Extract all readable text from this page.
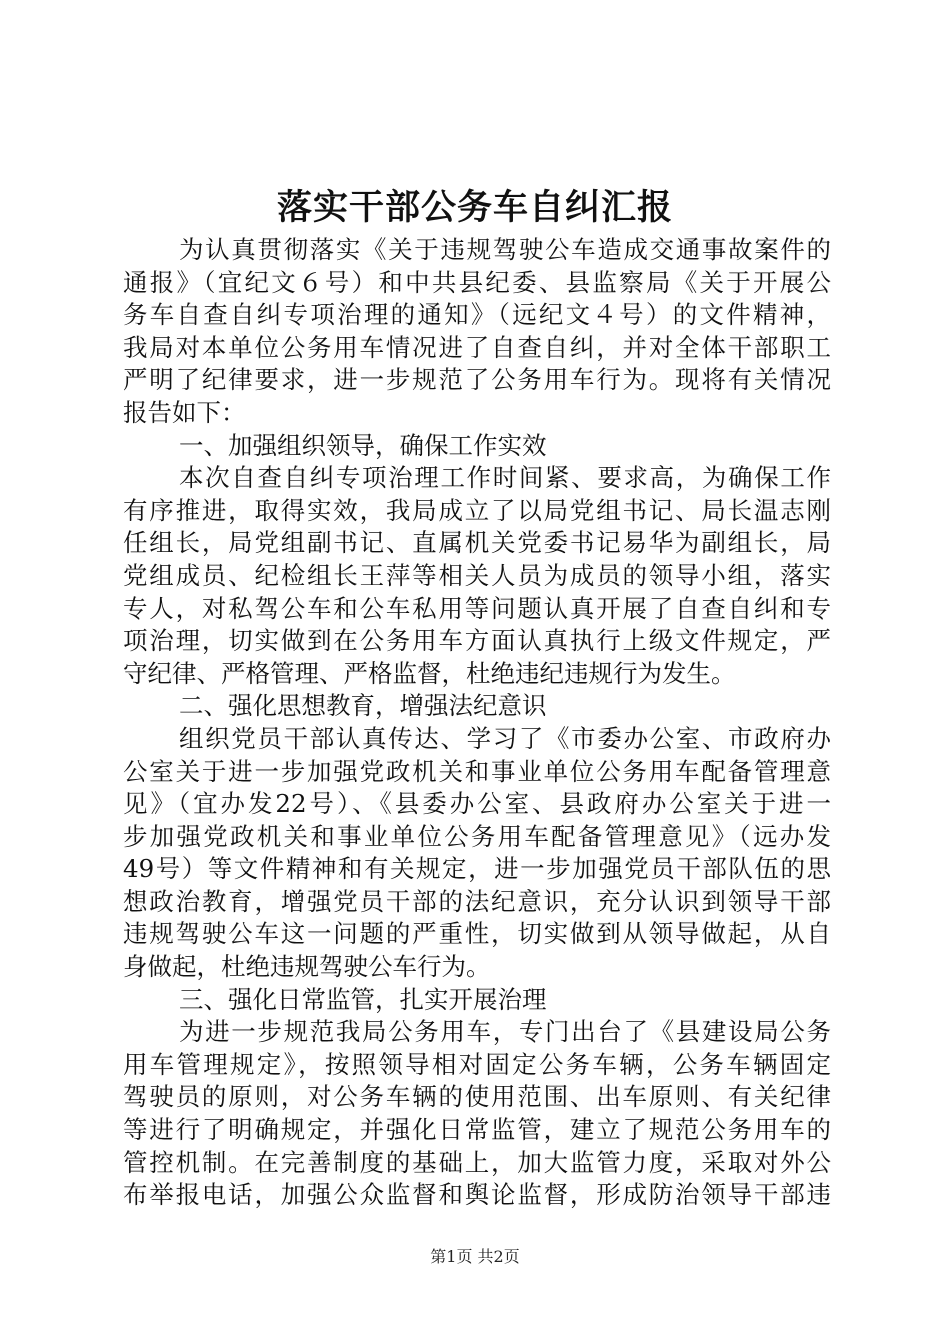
落实干部公务车自纠汇报
为认真贯彻落实《关于违规驾驶公车造成交通事故案件的
通报》（宜纪文６号）和中共县纪委、县监察局《关于开展公
务车自查自纠专项治理的通知》（远纪文４号）的文件精神，
我局对本单位公务用车情况进了自查自纠，并对全体干部职工
严明了纪律要求，进一步规范了公务用车行为。现将有关情况
报告如下：
一、加强组织领导，确保工作实效
本次自查自纠专项治理工作时间紧、要求高，为确保工作
有序推进，取得实效，我局成立了以局党组书记、局长温志刚
任组长，局党组副书记、直属机关党委书记易华为副组长，局
党组成员、纪检组长王萍等相关人员为成员的领导小组，落实
专人，对私驾公车和公车私用等问题认真开展了自查自纠和专
项治理，切实做到在公务用车方面认真执行上级文件规定，严
守纪律、严格管理、严格监督，杜绝违纪违规行为发生。
二、强化思想教育，增强法纪意识
组织党员干部认真传达、学习了《市委办公室、市政府办
公室关于进一步加强党政机关和事业单位公务用车配备管理意
见》（宜办发22号）、《县委办公室、县政府办公室关于进一
步加强党政机关和事业单位公务用车配备管理意见》（远办发
49号）等文件精神和有关规定，进一步加强党员干部队伍的思
想政治教育，增强党员干部的法纪意识，充分认识到领导干部
违规驾驶公车这一问题的严重性，切实做到从领导做起，从自
身做起，杜绝违规驾驶公车行为。
三、强化日常监管，扎实开展治理
为进一步规范我局公务用车，专门出台了《县建设局公务
用车管理规定》，按照领导相对固定公务车辆，公务车辆固定
驾驶员的原则，对公务车辆的使用范围、出车原则、有关纪律
等进行了明确规定，并强化日常监管，建立了规范公务用车的
管控机制。在完善制度的基础上，加大监管力度，采取对外公
布举报电话，加强公众监督和舆论监督，形成防治领导干部违
第1页 共2页
